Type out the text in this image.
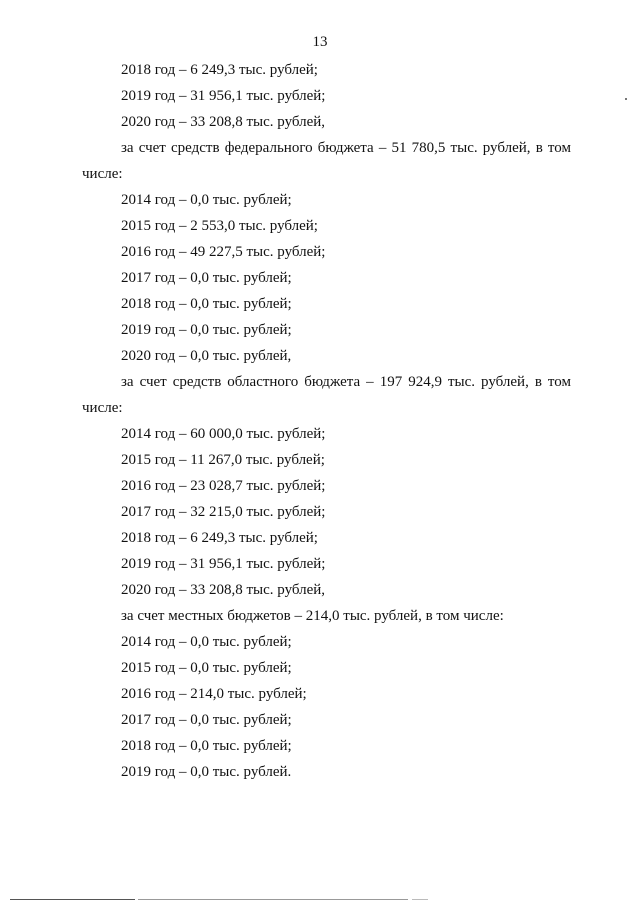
13
2018 год – 6 249,3 тыс. рублей;
2019 год – 31 956,1 тыс. рублей;
2020 год – 33 208,8 тыс. рублей,
за счет средств федерального бюджета – 51 780,5 тыс. рублей, в том
числе:
2014 год – 0,0 тыс. рублей;
2015 год – 2 553,0 тыс. рублей;
2016 год – 49 227,5 тыс. рублей;
2017 год – 0,0 тыс. рублей;
2018 год – 0,0 тыс. рублей;
2019 год – 0,0 тыс. рублей;
2020 год – 0,0 тыс. рублей,
за счет средств областного бюджета – 197 924,9 тыс. рублей, в том
числе:
2014 год – 60 000,0 тыс. рублей;
2015 год – 11 267,0 тыс. рублей;
2016 год – 23 028,7 тыс. рублей;
2017 год – 32 215,0 тыс. рублей;
2018 год – 6 249,3 тыс. рублей;
2019 год – 31 956,1 тыс. рублей;
2020 год – 33 208,8 тыс. рублей,
за счет местных бюджетов – 214,0 тыс. рублей, в том числе:
2014 год – 0,0 тыс. рублей;
2015 год – 0,0 тыс. рублей;
2016 год – 214,0 тыс. рублей;
2017 год – 0,0 тыс. рублей;
2018 год – 0,0 тыс. рублей;
2019 год – 0,0 тыс. рублей.
